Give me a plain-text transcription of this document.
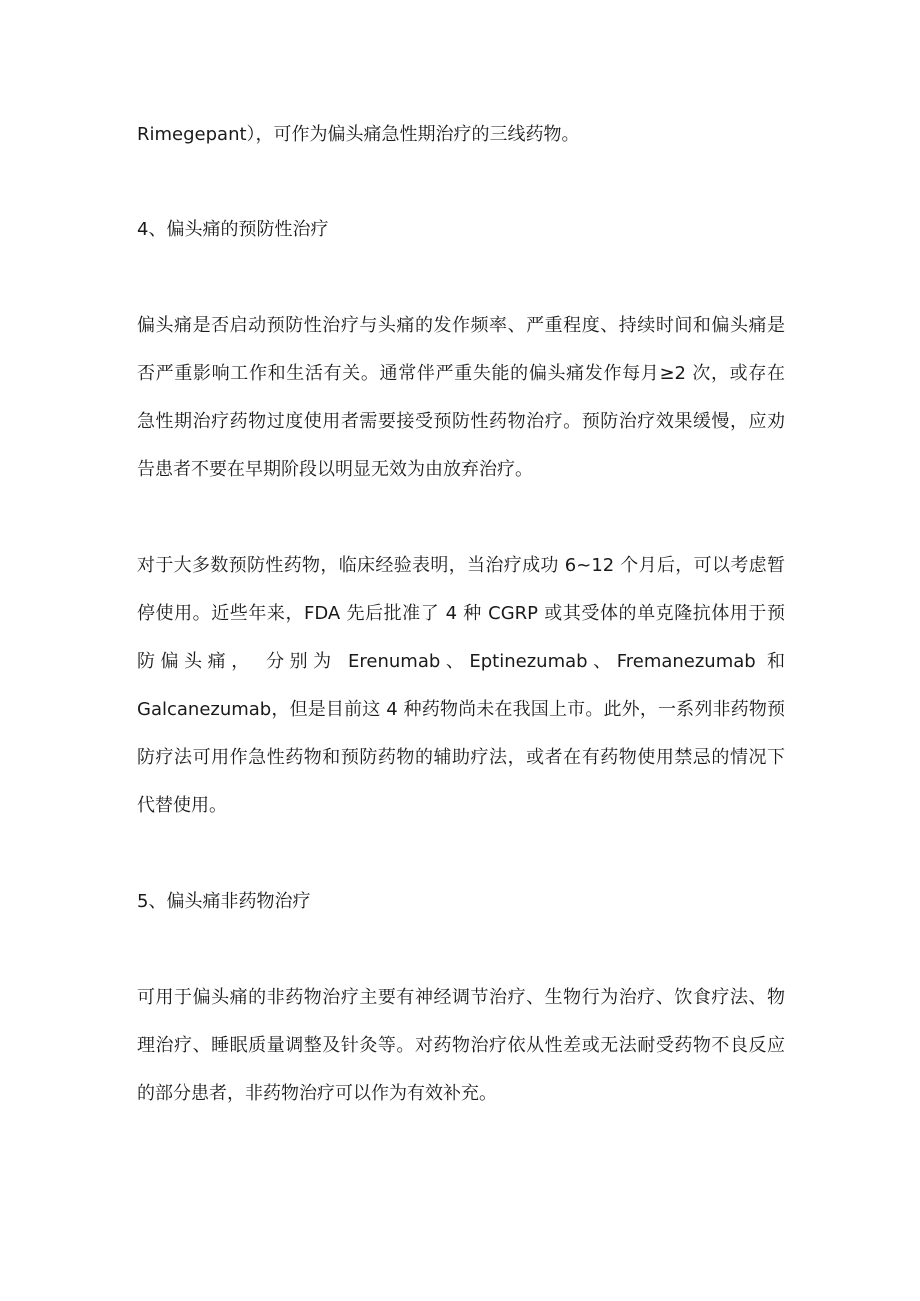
Rimegepant），可作为偏头痛急性期治疗的三线药物。
4、偏头痛的预防性治疗
偏头痛是否启动预防性治疗与头痛的发作频率、严重程度、持续时间和偏头痛是
否严重影响工作和生活有关。通常伴严重失能的偏头痛发作每月≥2 次，或存在
急性期治疗药物过度使用者需要接受预防性药物治疗。预防治疗效果缓慢，应劝
告患者不要在早期阶段以明显无效为由放弃治疗。
对于大多数预防性药物，临床经验表明，当治疗成功 6~12 个月后，可以考虑暂
停使用。近些年来，FDA 先后批准了 4 种 CGRP 或其受体的单克隆抗体用于预
防偏头痛， 分别为 Erenumab、Eptinezumab、Fremanezumab 和
Galcanezumab，但是目前这 4 种药物尚未在我国上市。此外，一系列非药物预
防疗法可用作急性药物和预防药物的辅助疗法，或者在有药物使用禁忌的情况下
代替使用。
5、偏头痛非药物治疗
可用于偏头痛的非药物治疗主要有神经调节治疗、生物行为治疗、饮食疗法、物
理治疗、睡眠质量调整及针灸等。对药物治疗依从性差或无法耐受药物不良反应
的部分患者，非药物治疗可以作为有效补充。
